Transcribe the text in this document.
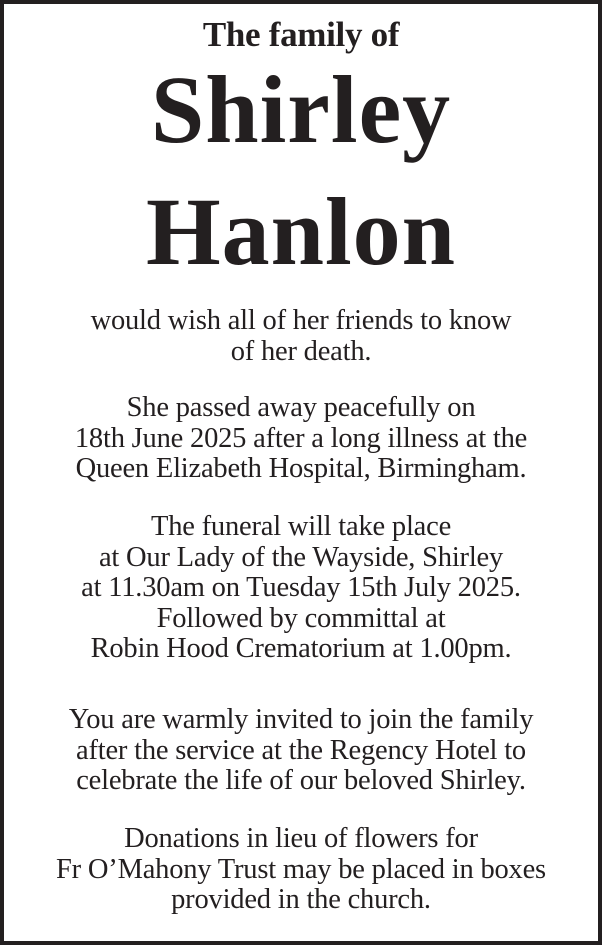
The family of
Shirley
Hanlon
would wish all of her friends to know
of her death.
She passed away peacefully on
18th June 2025 after a long illness at the
Queen Elizabeth Hospital, Birmingham.
The funeral will take place
at Our Lady of the Wayside, Shirley
at 11.30am on Tuesday 15th July 2025.
Followed by committal at
Robin Hood Crematorium at 1.00pm.
You are warmly invited to join the family
after the service at the Regency Hotel to
celebrate the life of our beloved Shirley.
Donations in lieu of flowers for
Fr O’Mahony Trust may be placed in boxes
provided in the church.
